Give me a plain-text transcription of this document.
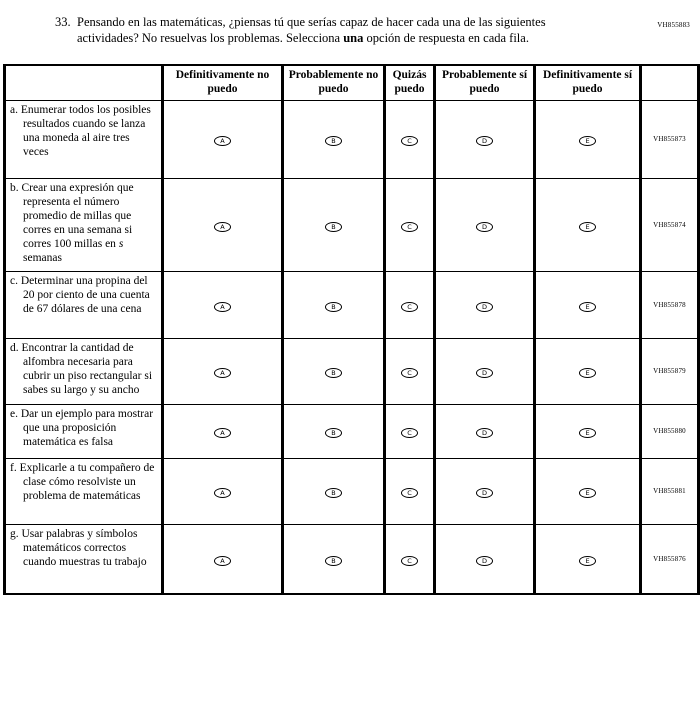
VH855883
33. Pensando en las matemáticas, ¿piensas tú que serías capaz de hacer cada una de las siguientes actividades? No resuelvas los problemas. Selecciona una opción de respuesta en cada fila.
	Definitivamente no puedo	Probablemente no puedo	Quizás puedo	Probablemente sí puedo	Definitivamente sí puedo	

a. Enumerar todos los posibles resultados cuando se lanza una moneda al aire tres veces	A	B	C	D	E	VH855873

b. Crear una expresión que representa el número promedio de millas que corres en una semana si corres 100 millas en s semanas	A	B	C	D	E	VH855874

c. Determinar una propina del 20 por ciento de una cuenta de 67 dólares de una cena	A	B	C	D	E	VH855878

d. Encontrar la cantidad de alfombra necesaria para cubrir un piso rectangular si sabes su largo y su ancho	A	B	C	D	E	VH855879

e. Dar un ejemplo para mostrar que una proposición matemática es falsa	A	B	C	D	E	VH855880

f. Explicarle a tu compañero de clase cómo resolviste un problema de matemáticas	A	B	C	D	E	VH855881

g. Usar palabras y símbolos matemáticos correctos cuando muestras tu trabajo	A	B	C	D	E	VH855876
